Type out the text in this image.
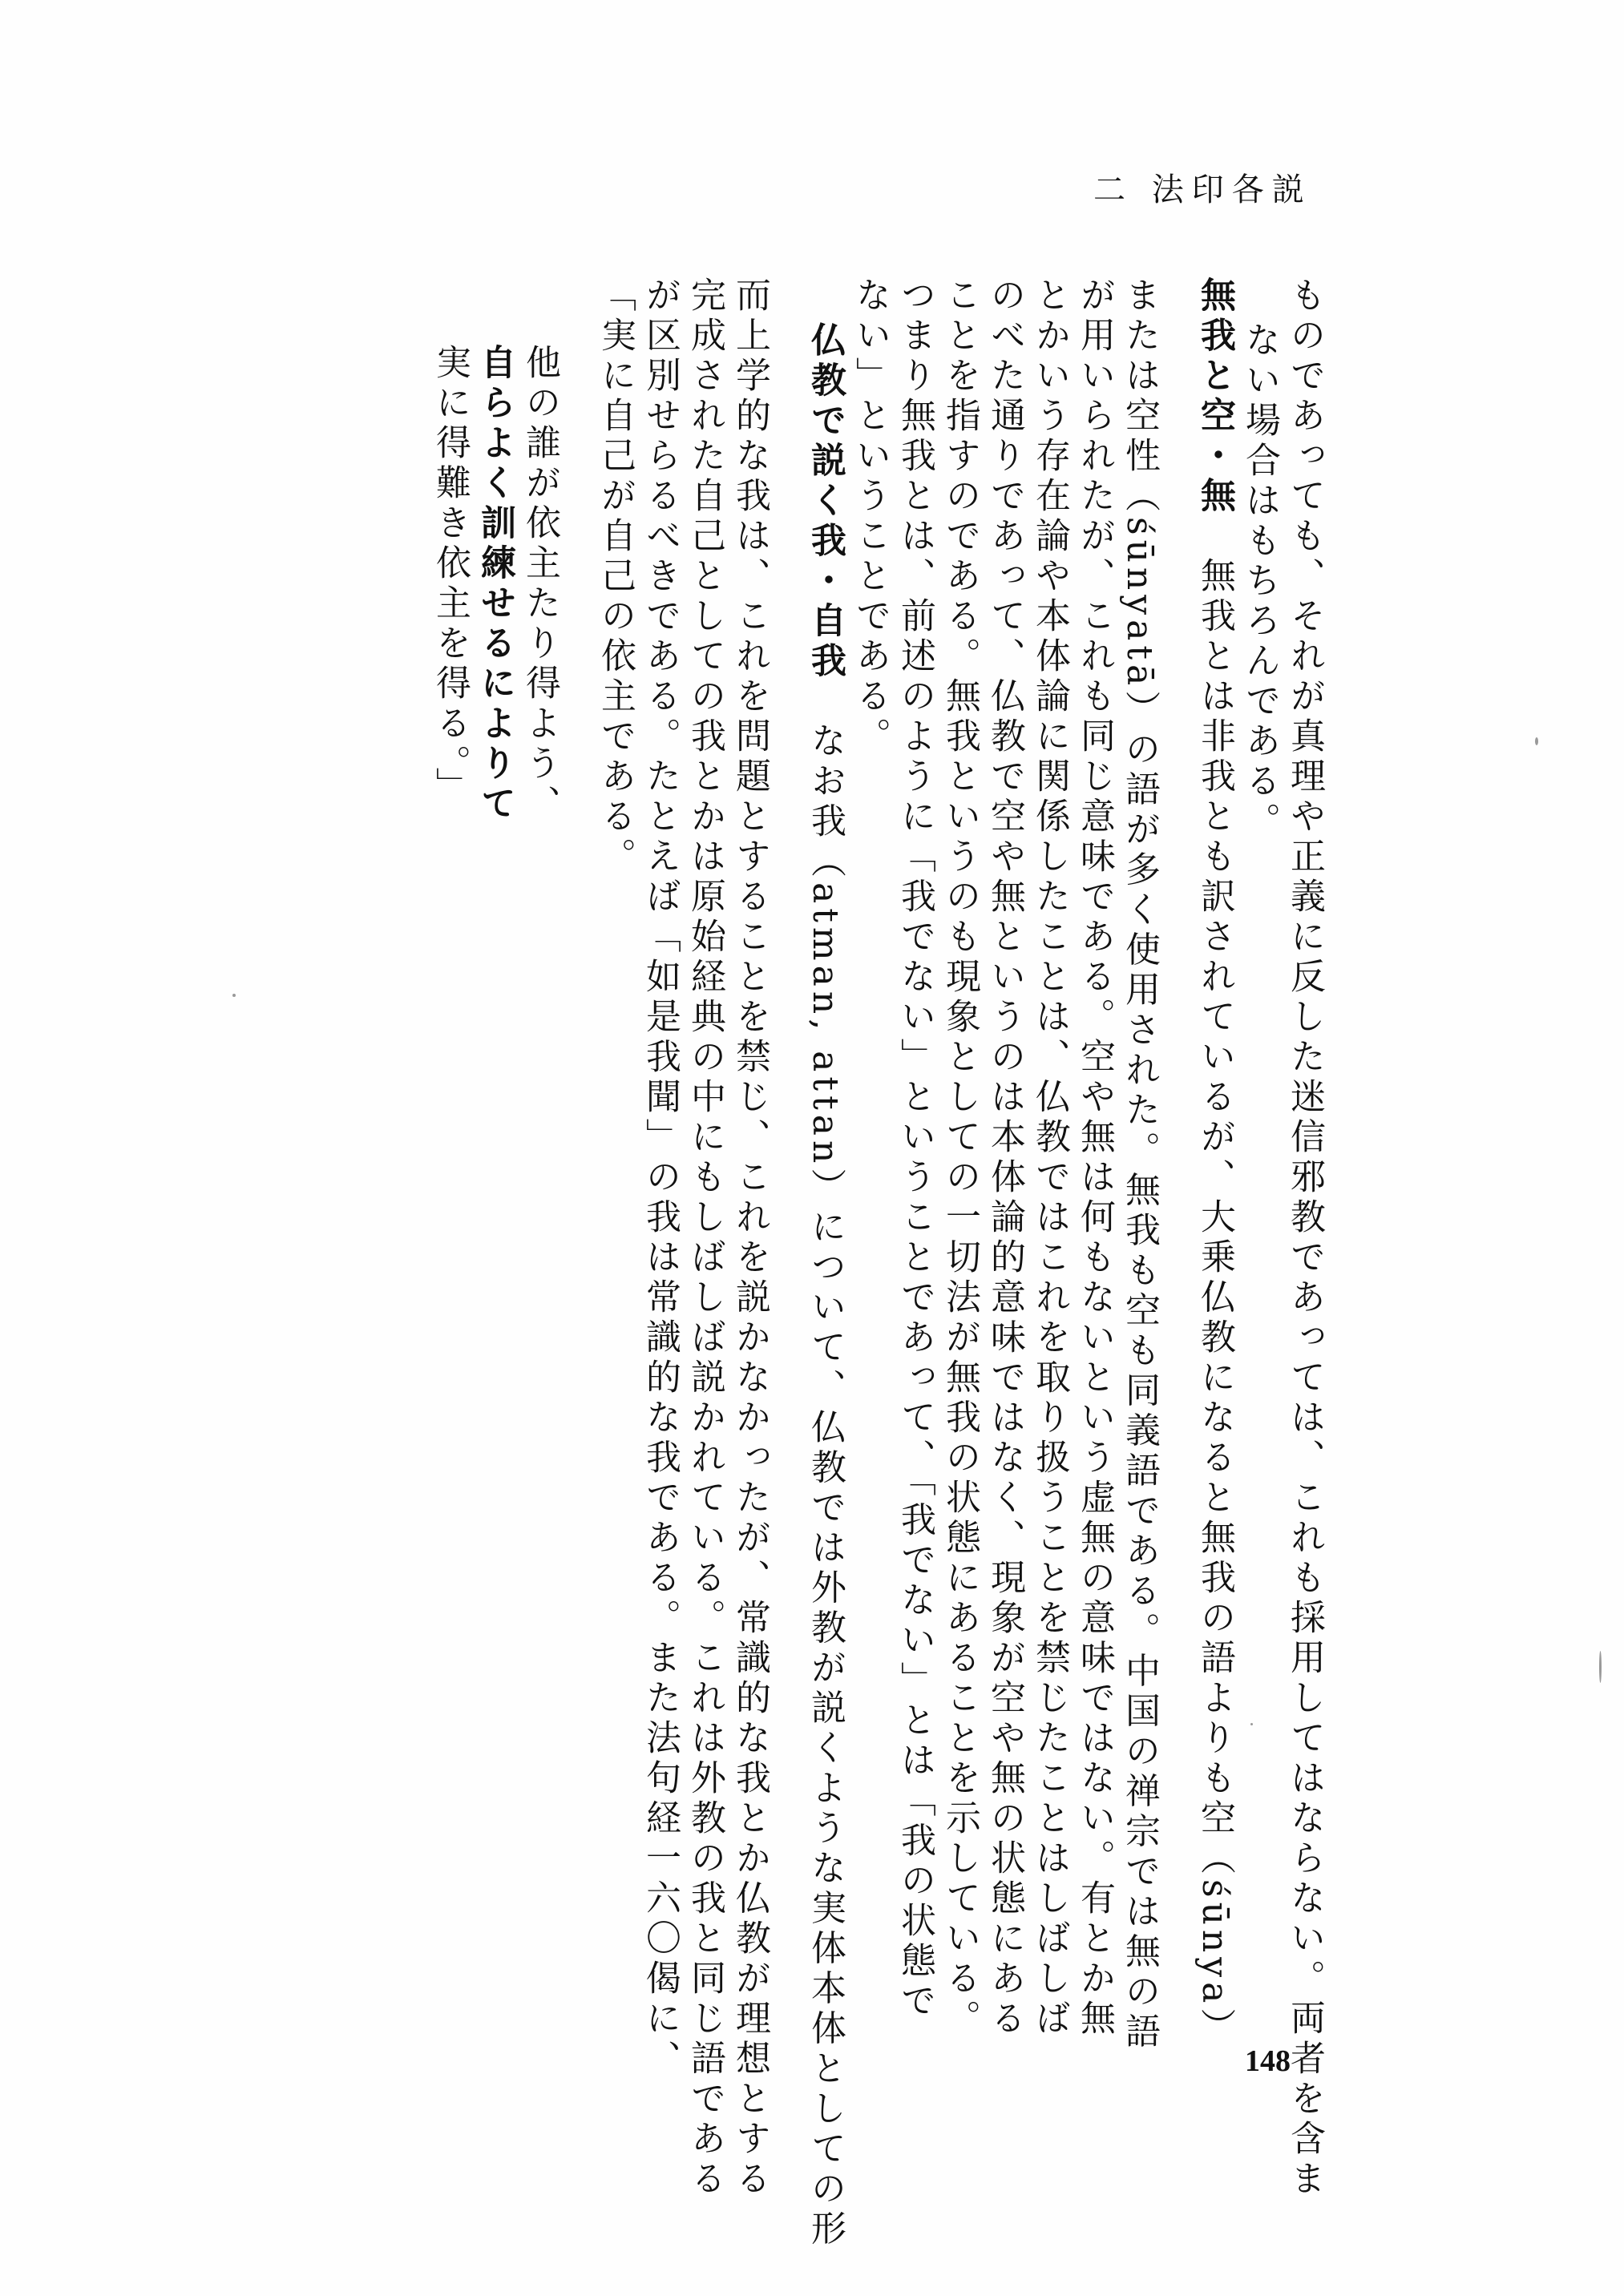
二 法印各説
ものであっても、それが真理や正義に反した迷信邪教であっては、これも採用してはならない。両者を含ま
ない場合はもちろんである。
無我と空・無　無我とは非我とも訳されているが、大乗仏教になると無我の語よりも空（śūnya）
または空性（śūnyatā）の語が多く使用された。無我も空も同義語である。中国の禅宗では無の語
が用いられたが、これも同じ意味である。空や無は何もないという虚無の意味ではない。有とか無
とかいう存在論や本体論に関係したことは、仏教ではこれを取り扱うことを禁じたことはしばしば
のべた通りであって、仏教で空や無というのは本体論的意味ではなく、現象が空や無の状態にある
ことを指すのである。無我というのも現象としての一切法が無我の状態にあることを示している。
つまり無我とは、前述のように「我でない」ということであって、「我でない」とは「我の状態で
ない」ということである。
仏教で説く我・自我　なお我（atman, attan）について、仏教では外教が説くような実体本体としての形
而上学的な我は、これを問題とすることを禁じ、これを説かなかったが、常識的な我とか仏教が理想とする
完成された自己としての我とかは原始経典の中にもしばしば説かれている。これは外教の我と同じ語である
が区別せらるべきである。たとえば「如是我聞」の我は常識的な我である。また法句経一六〇偈に、
「実に自己が自己の依主である。
他の誰が依主たり得よう、
自らよく訓練せるによりて
実に得難き依主を得る。」
148
